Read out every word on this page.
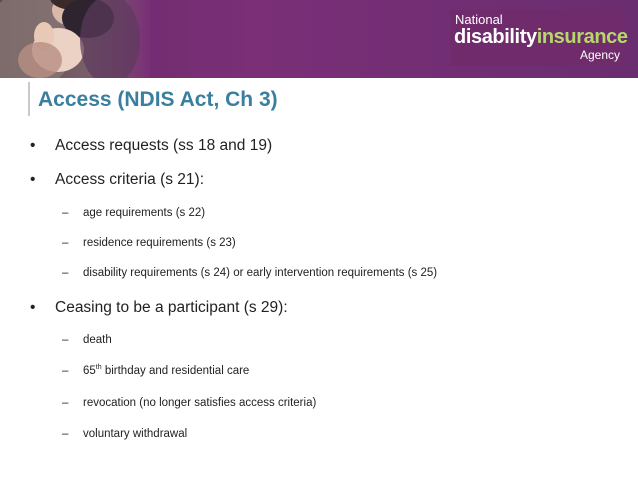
National
disabilityinsurance
Agency
Access (NDIS Act, Ch 3)
• Access requests (ss 18 and 19)
• Access criteria (s 21):
– age requirements (s 22)
– residence requirements (s 23)
– disability requirements (s 24) or early intervention requirements (s 25)
• Ceasing to be a participant (s 29):
– death
– 65th birthday and residential care
– revocation (no longer satisfies access criteria)
– voluntary withdrawal
